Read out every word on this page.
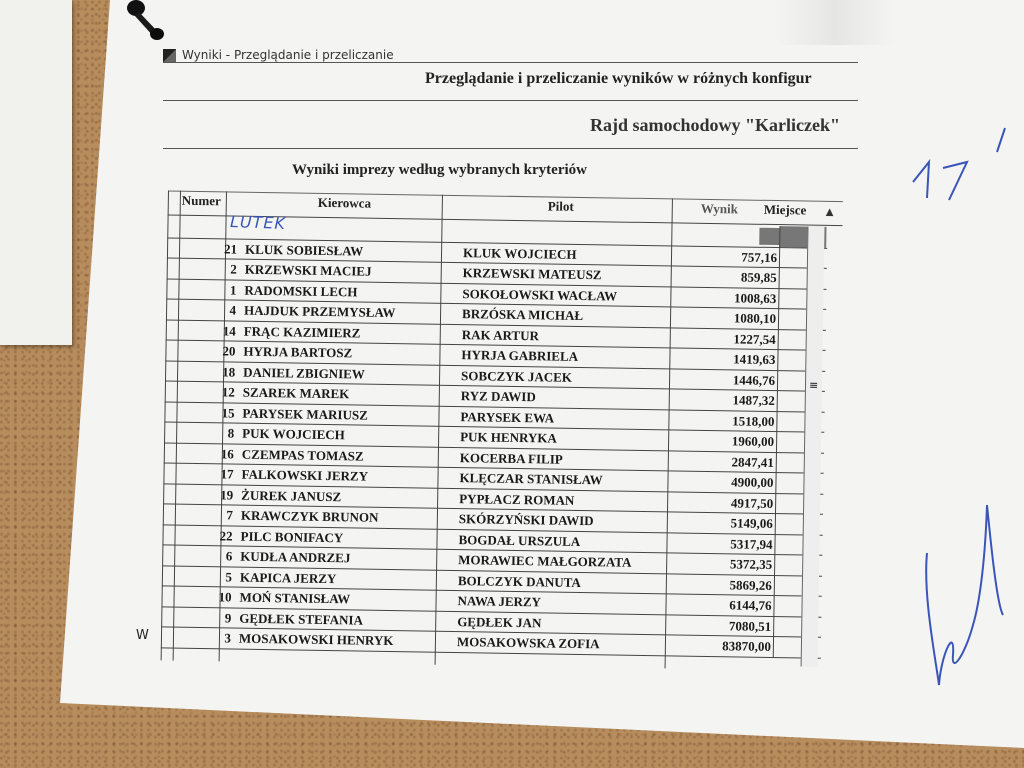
Wyniki - Przeglądanie i przeliczanie
Przeglądanie i przeliczanie wyników w różnych konfigur
Rajd samochodowy "Karliczek"
Wyniki imprezy według wybranych kryteriów
Numer	Kierowca	Pilot	Wynik Miejsce ▲
21 KLUK SOBIESŁAW	KLUK WOJCIECH	757,16
2 KRZEWSKI MACIEJ	KRZEWSKI MATEUSZ	859,85
1 RADOMSKI LECH	SOKOŁOWSKI WACŁAW	1008,63
4 HAJDUK PRZEMYSŁAW	BRZÓSKA MICHAŁ	1080,10
14 FRĄC KAZIMIERZ	RAK ARTUR	1227,54
20 HYRJA BARTOSZ	HYRJA GABRIELA	1419,63
18 DANIEL ZBIGNIEW	SOBCZYK JACEK	1446,76
12 SZAREK MAREK	RYZ DAWID	1487,32
15 PARYSEK MARIUSZ	PARYSEK EWA	1518,00
8 PUK WOJCIECH	PUK HENRYKA	1960,00
16 CZEMPAS TOMASZ	KOCERBA FILIP	2847,41
17 FALKOWSKI JERZY	KLĘCZAR STANISŁAW	4900,00
19 ŻUREK JANUSZ	PYPŁACZ ROMAN	4917,50
7 KRAWCZYK BRUNON	SKÓRZYŃSKI DAWID	5149,06
22 PILC BONIFACY	BOGDAŁ URSZULA	5317,94
6 KUDŁA ANDRZEJ	MORAWIEC MAŁGORZATA	5372,35
5 KAPICA JERZY	BOLCZYK DANUTA	5869,26
10 MOŃ STANISŁAW	NAWA JERZY	6144,76
9 GĘDŁEK STEFANIA	GĘDŁEK JAN	7080,51
3 MOSAKOWSKI HENRYK	MOSAKOWSKA ZOFIA	83870,00
≡
LUTEK
W
